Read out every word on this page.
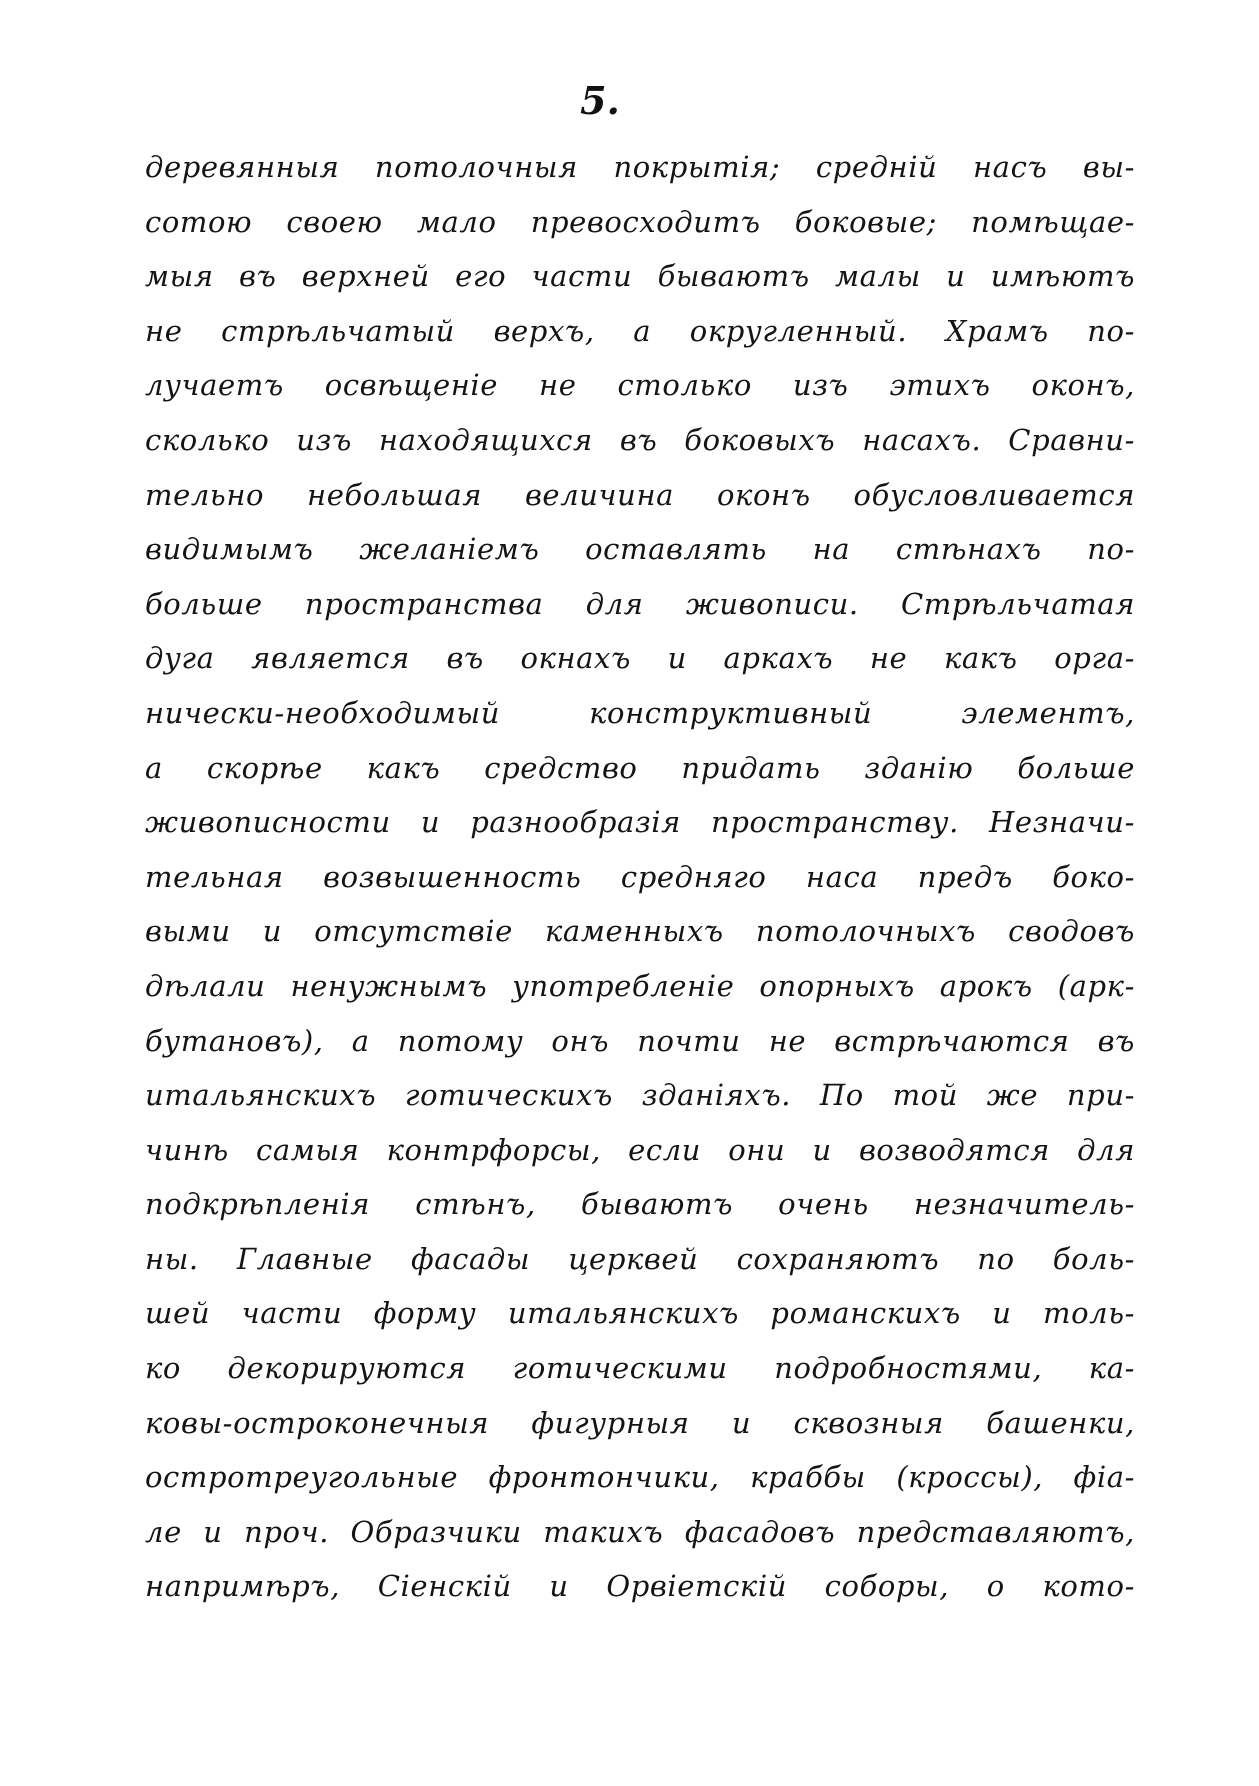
5.
деревянныя потолочныя покрытія; средній насъ вы-
сотою своею мало превосходитъ боковые; помѣщае-
мыя въ верхней его части бываютъ малы и имѣютъ
не стрѣльчатый верхъ, а округленный. Храмъ по-
лучаетъ освѣщеніе не столько изъ этихъ оконъ,
сколько изъ находящихся въ боковыхъ насахъ. Сравни-
тельно небольшая величина оконъ обусловливается
видимымъ желаніемъ оставлять на стѣнахъ по-
больше пространства для живописи. Стрѣльчатая
дуга является въ окнахъ и аркахъ не какъ орга-
нически-необходимый конструктивный элементъ,
а скорѣе какъ средство придать зданію больше
живописности и разнообразія пространству. Незначи-
тельная возвышенность средняго наса предъ боко-
выми и отсутствіе каменныхъ потолочныхъ сводовъ
дѣлали ненужнымъ употребленіе опорныхъ арокъ (арк-
бутановъ), а потому онъ почти не встрѣчаются въ
итальянскихъ готическихъ зданіяхъ. По той же при-
чинѣ самыя контрфорсы, если они и возводятся для
подкрѣпленія стѣнъ, бываютъ очень незначитель-
ны. Главные фасады церквей сохраняютъ по боль-
шей части форму итальянскихъ романскихъ и толь-
ко декорируются готическими подробностями, ка-
ковы-остроконечныя фигурныя и сквозныя башенки,
остротреугольные фронтончики, краббы (кроссы), фіа-
ле и проч. Образчики такихъ фасадовъ представляютъ,
напримѣръ, Сіенскій и Орвіетскій соборы, о кото-
